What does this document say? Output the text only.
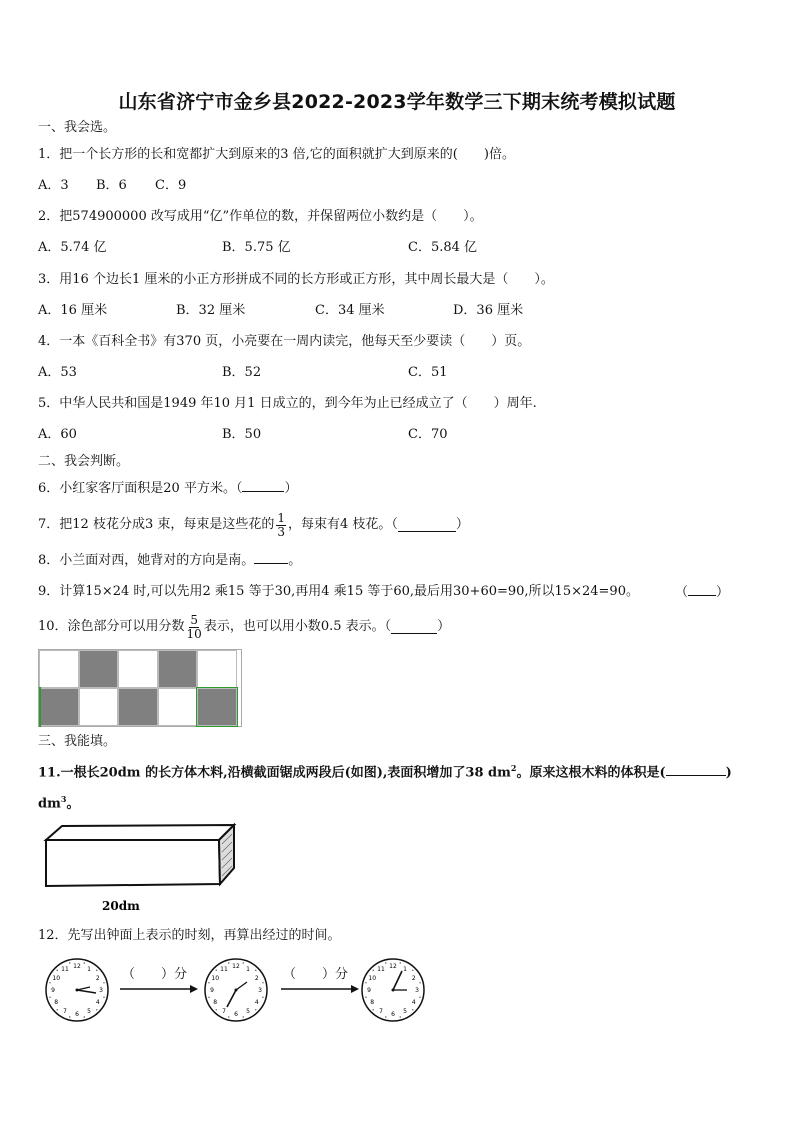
山东省济宁市金乡县2022-2023学年数学三下期末统考模拟试题
一、我会选。
1．把一个长方形的长和宽都扩大到原来的3 倍,它的面积就扩大到原来的(　　)倍。
A．3 B．6 C．9
2．把574900000 改写成用“亿”作单位的数，并保留两位小数约是（　　）。
A．5.74 亿	B．5.75 亿	C．5.84 亿
3．用16 个边长1 厘米的小正方形拼成不同的长方形或正方形，其中周长最大是（　　）。
A．16 厘米	B．32 厘米	C．34 厘米	D．36 厘米
4．一本《百科全书》有370 页，小亮要在一周内读完，他每天至少要读（　　）页。
A．53	B．52	C．51
5．中华人民共和国是1949 年10 月1 日成立的，到今年为止已经成立了（　　）周年.
A．60	B．50	C．70
二、我会判断。
6．小红家客厅面积是20 平方米。（	）
7．把12 枝花分成3 束，每束是这些花的 $\frac{1}{3}$ ，每束有4 枝花。（	）
8．小兰面对西，她背对的方向是南。	。
9．计算15×24 时,可以先用2 乘15 等于30,再用4 乘15 等于60,最后用30+60=90,所以15×24=90。	（ ）
10．涂色部分可以用分数 $\frac{5}{10}$ 表示，也可以用小数0.5 表示。（	）
三、我能填。
11.一根长20dm 的长方体木料,沿横截面锯成两段后(如图),表面积增加了38 $dm^2$。原来这根木料的体积是(	)
$dm^3$。
20dm
12．先写出钟面上表示的时刻，再算出经过的时间。
12 1
2
3
4
5
6
7
8
9
10
11	（　　）分
12 1
2
3
4
5
6
7
8
9
10
11	（　　）分
12 1
2
3
4
5
6
7
8
9
10
11
